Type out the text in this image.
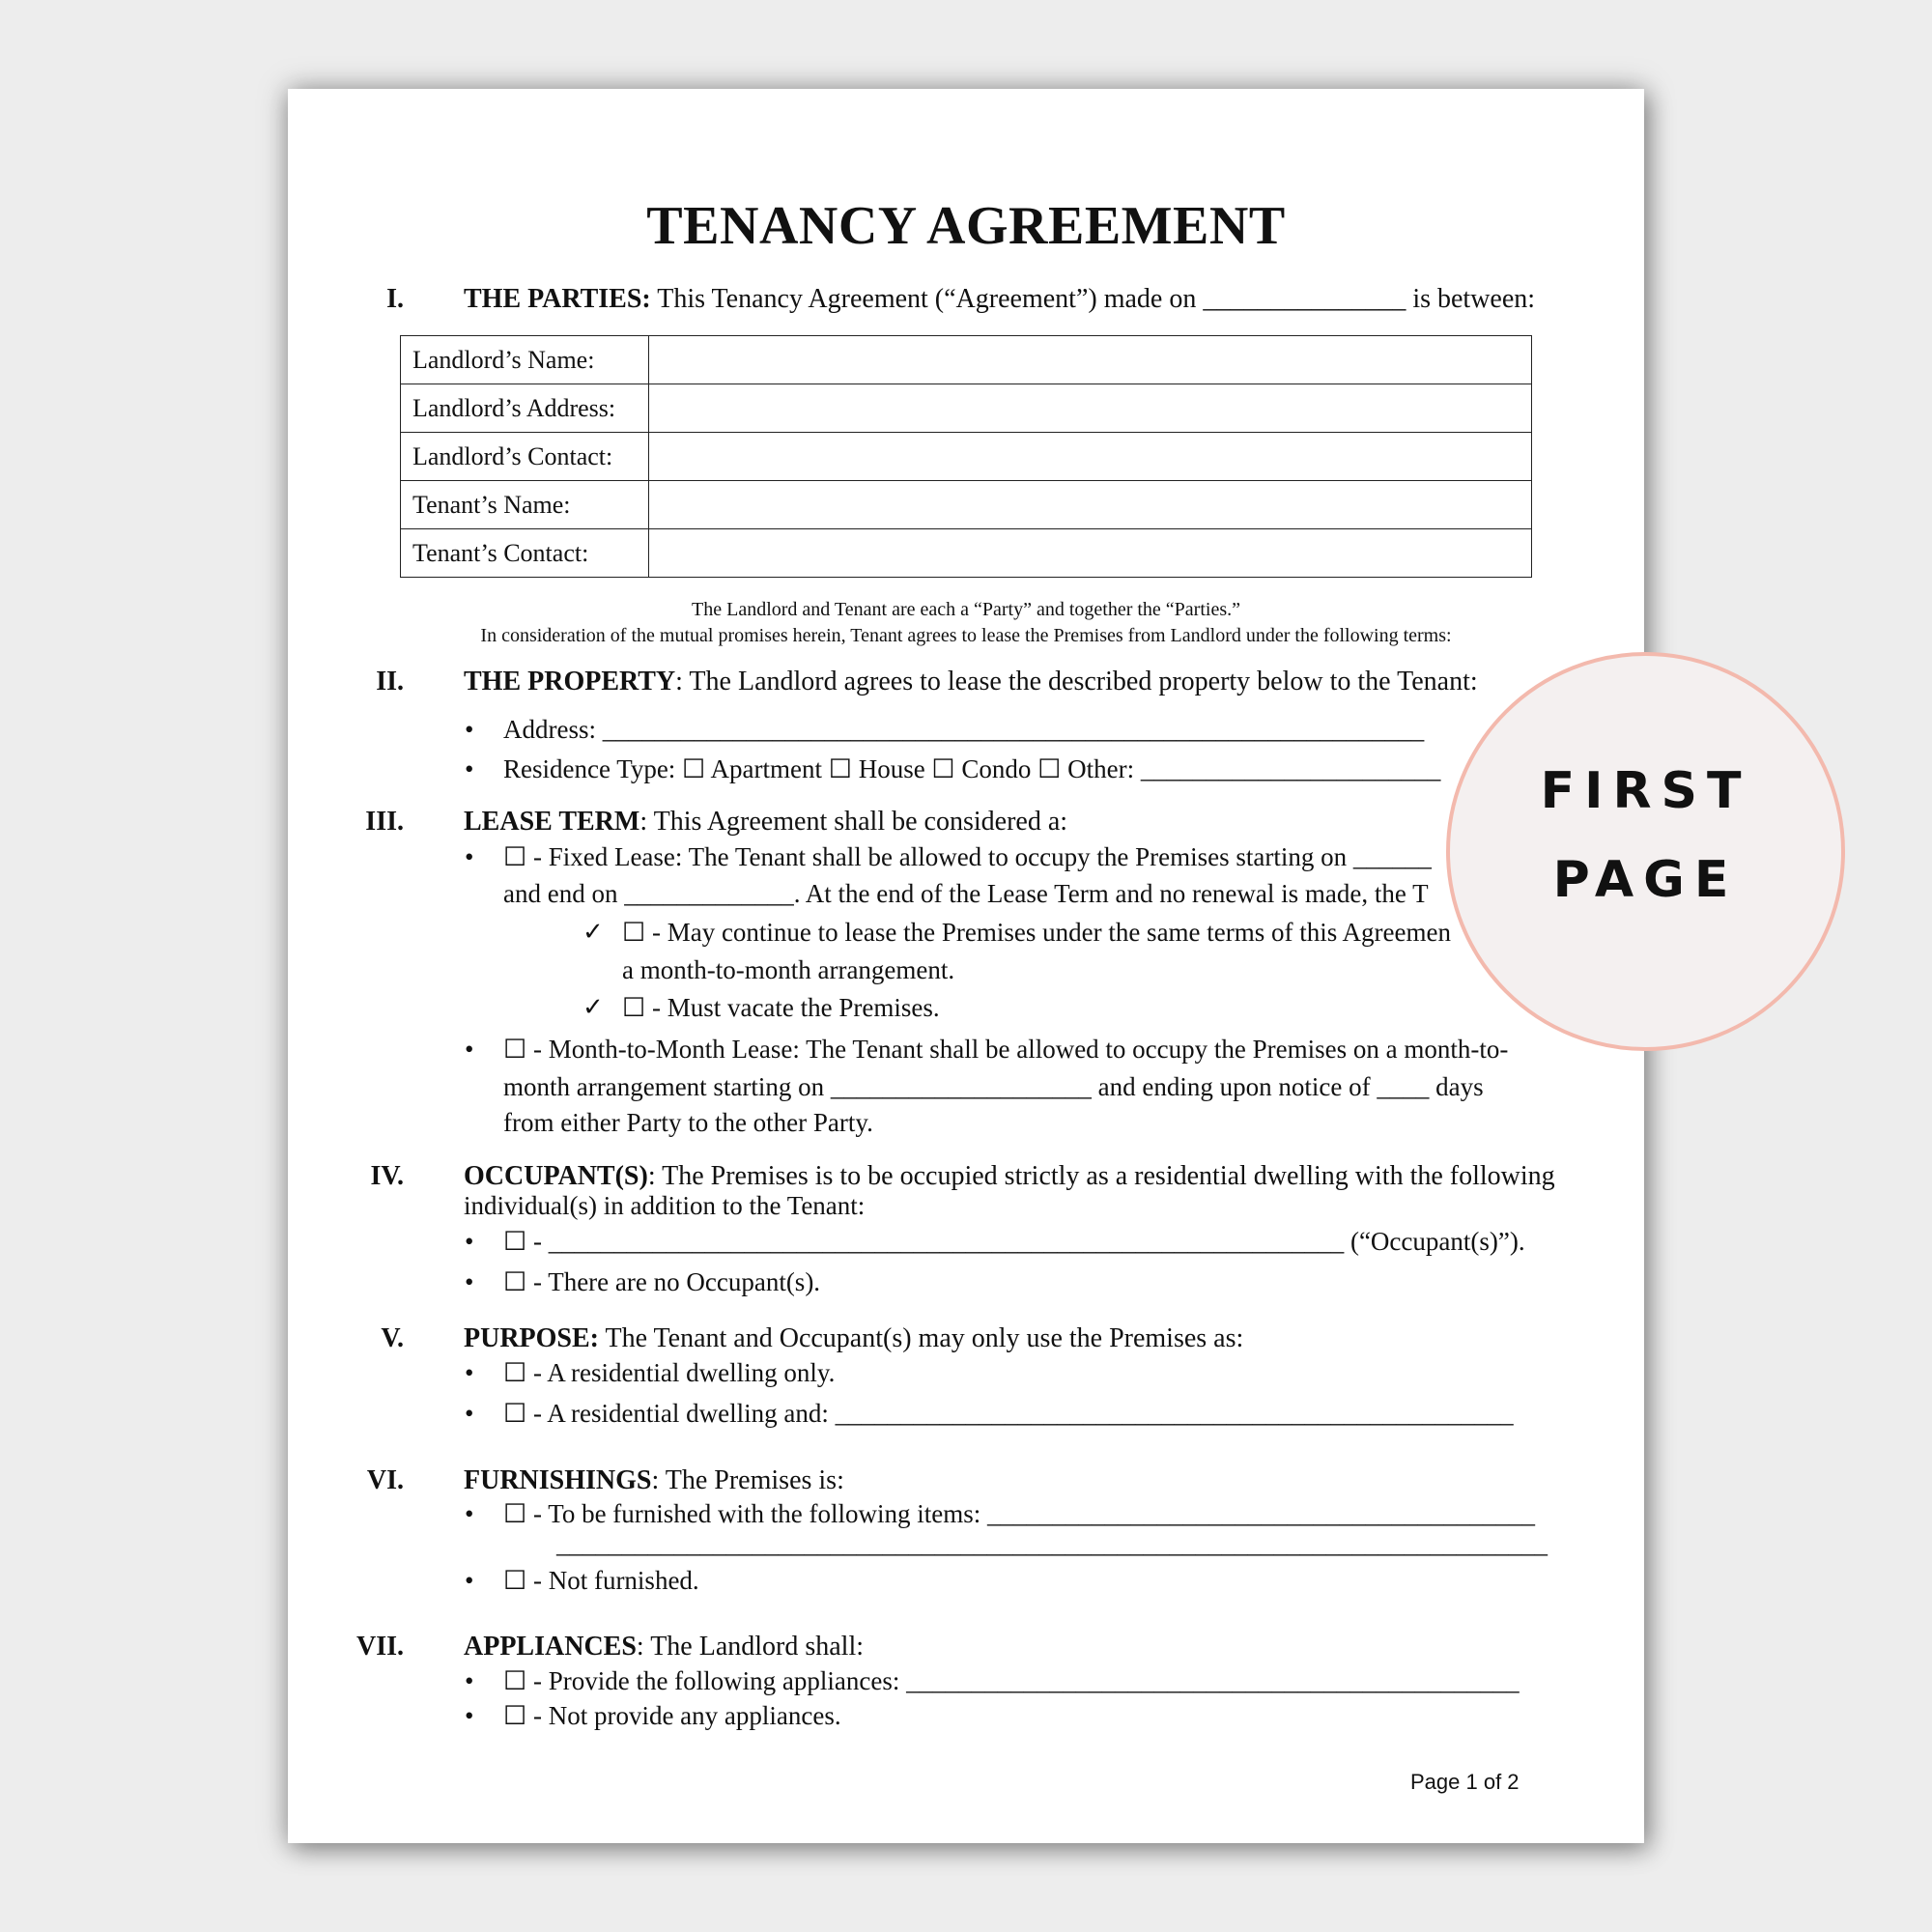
TENANCY AGREEMENT
I. THE PARTIES: This Tenancy Agreement (“Agreement”) made on _______________ is between:
Landlord’s Name:	
Landlord’s Address:	
Landlord’s Contact:	
Tenant’s Name:	
Tenant’s Contact:	
The Landlord and Tenant are each a “Party” and together the “Parties.”
In consideration of the mutual promises herein, Tenant agrees to lease the Premises from Landlord under the following terms:
II. THE PROPERTY: The Landlord agrees to lease the described property below to the Tenant:
• Address: _______________________________________________________________
• Residence Type: ☐ Apartment ☐ House ☐ Condo ☐ Other: _______________________
III. LEASE TERM: This Agreement shall be considered a:
• ☐ - Fixed Lease: The Tenant shall be allowed to occupy the Premises starting on ______
and end on _____________. At the end of the Lease Term and no renewal is made, the T
✓ ☐ - May continue to lease the Premises under the same terms of this Agreemen
a month-to-month arrangement.
✓ ☐ - Must vacate the Premises.
• ☐ - Month-to-Month Lease: The Tenant shall be allowed to occupy the Premises on a month-to-
month arrangement starting on ____________________ and ending upon notice of ____ days
from either Party to the other Party.
IV. OCCUPANT(S): The Premises is to be occupied strictly as a residential dwelling with the following
individual(s) in addition to the Tenant:
• ☐ - _____________________________________________________________ (“Occupant(s)”).
• ☐ - There are no Occupant(s).
V. PURPOSE: The Tenant and Occupant(s) may only use the Premises as:
• ☐ - A residential dwelling only.
• ☐ - A residential dwelling and: ____________________________________________________
VI. FURNISHINGS: The Premises is:
• ☐ - To be furnished with the following items: __________________________________________
____________________________________________________________________________
• ☐ - Not furnished.
VII. APPLIANCES: The Landlord shall:
• ☐ - Provide the following appliances: _______________________________________________
• ☐ - Not provide any appliances.
Page 1 of 2
FIRST
PAGE
